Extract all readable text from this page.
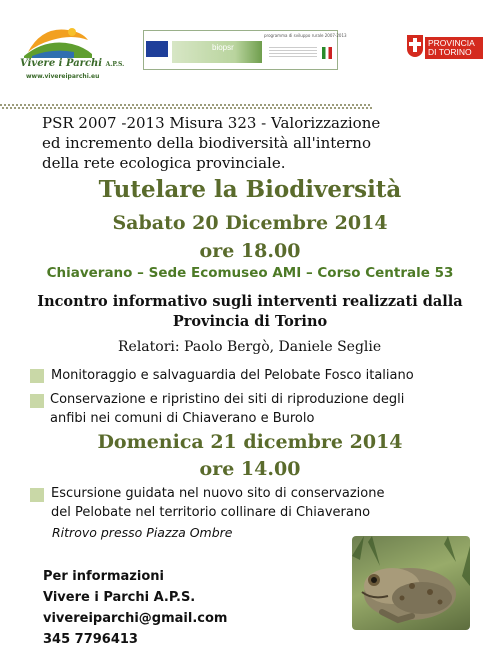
Vivere i Parchi A.P.S.
www.vivereiparchi.eu
biopsr
programma di sviluppo rurale 2007-2013
PROVINCIA
DI TORINO
PSR 2007 -2013 Misura 323 - Valorizzazione
ed incremento della biodiversità all'interno
della rete ecologica provinciale.
Tutelare la Biodiversità
Sabato 20 Dicembre 2014
ore 18.00
Chiaverano – Sede Ecomuseo AMI – Corso Centrale 53
Incontro informativo sugli interventi realizzati dalla
Provincia di Torino
Relatori: Paolo Bergò, Daniele Seglie
Monitoraggio e salvaguardia del Pelobate Fosco italiano
Conservazione e ripristino dei siti di riproduzione degli
anfibi nei comuni di Chiaverano e Burolo
Domenica 21 dicembre 2014
ore 14.00
Escursione guidata nel nuovo sito di conservazione
del Pelobate nel territorio collinare di Chiaverano
Ritrovo presso Piazza Ombre
Per informazioni
Vivere i Parchi A.P.S.
vivereiparchi@gmail.com
345 7796413
